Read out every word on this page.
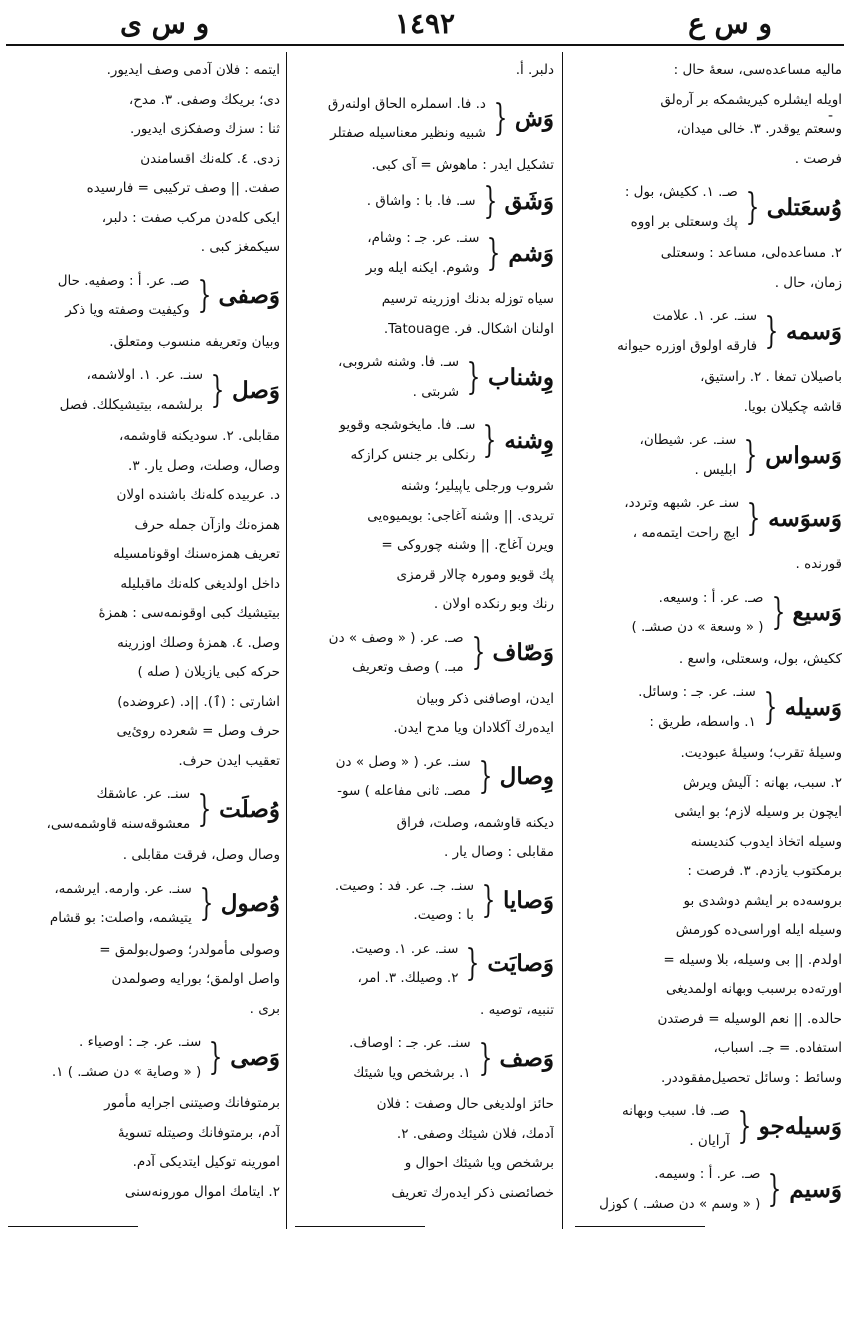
و س ع
١٤٩٢
و س ى
‑
مالیه مساعده‌سی، سعهٔ حال :
اویله ایشلره کیریشمکه بر آره‌لق
وسعتم یوقدر. ۳. خالی میدان،
فرصت .
وُسعَتلی
{
صـ. ۱. ککیش، بول :
پك وسعتلی بر اووه
۲. مساعده‌لی، مساعد : وسعتلی
زمان، حال .
وَسمه
{
سنـ. عر. ۱. علامت
فارقه اولوق اوزره حیوانه
باصیلان تمغا . ۲. راستیق،
قاشه چکیلان بویا.
وَسواس
{
سنـ. عر. شیطان،
ابلیس .
وَسوَسه
{
سنـ عر. شبهه وتردد،
ایچ راحت ایتمه‌مه ،
قورنده .
وَسیع
{
صـ. عر. أ : وسیعه.
( « وسعة » دن صشـ. )
ککیش، بول، وسعتلی، واسع .
وَسیله
{
سنـ. عر. جـ : وسائل.
۱. واسطه، طریق :
وسیلهٔ تقرب؛ وسیلهٔ عبودیت.
۲. سبب، بهانه : آلیش ویرش
ایچون بر وسیله لازم؛ بو ایشی
وسیله اتخاذ ایدوب کندیسنه
برمکتوب یازدم. ۳. فرصت :
بروسه‌ده بر ایشم دوشدی بو
وسیله ایله اوراسی‌ده کورمش
اولدم. || بی وسیله، بلا وسیله =
اورته‌ده برسبب وبهانه اولمدیغی
حالده. || نعم الوسیله = فرصتدن
استفاده. = جـ. اسباب،
وسائط : وسائل تحصیل‌مفقوددر.
وَسیله‌جو
{
صـ. فا. سبب وبهانه
آرایان .
وَسیم
{
صـ. عر. أ : وسیمه.
( « وسم » دن صشـ. ) کوزل
دلبر. أ.
وَش
{
د. فا. اسملره الحاق اولنه‌رق
شبیه ونظیر معناسیله صفتلر
تشکیل ایدر : ماهوش = آی کبی.
وَشَق
{
سـ. فا. با : واشاق .
وَشم
{
سنـ. عر. جـ : وشام،
وشوم. ایکنه ایله وبر
سیاه توزله بدنك اوزرینه ترسیم
اولنان اشکال. فر. Tatouage.
وِشناب
{
سـ. فا. وشنه شروبی،
شربتی .
وِشنه
{
سـ. فا. مایخوشجه وقویو
رنکلی بر جنس کرازکه
شروب ورجلی یاپیلیر؛ وشنه
تریدی. || وشنه آغاجی: بویمیوه‌یی
ویرن آغاج. || وشنه چوروکی =
پك قویو ومورہ چالار قرمزی
رنك وبو رنکده اولان .
وَصّاف
{
صـ. عر. ( « وصف » دن
مبـ. ) وصف وتعریف
ایدن، اوصافنی ذکر وبیان
ایده‌رك آکلادان ویا مدح ایدن.
وِصال
{
سنـ. عر. ( « وصل » دن
مصـ. ثانی مفاعله ) سو-
دیکنه قاوشمه، وصلت، فراق
مقابلی : وصال یار .
وَصایا
{
سنـ. جـ. عر. فد : وصیت.
با : وصیت.
وَصایَت
{
سنـ. عر. ۱. وصیت.
۲. وصیلك. ۳. امر،
تنبیه، توصیه .
وَصف
{
سنـ. عر. جـ : اوصاف.
۱. برشخص ویا شیئك
حائز اولدیغی حال وصفت : فلان
آدمك، فلان شیئك وصفی. ۲.
برشخص ویا شیئك احوال و
خصائصنی ذکر ایده‌رك تعریف
ایتمه : فلان آدمی وصف ایدیور.
دی؛ بریکك وصفی. ۳. مدح،
ثنا : سزك وصفکزی ایدیور.
زدی. ٤. کله‌نك اقسامندن
صفت. || وصف ترکیبی = فارسیده
ایکی کله‌دن مرکب صفت : دلبر،
سیکمغز کبی .
وَصفی
{
صـ. عر. أ : وصفیه. حال
وکیفیت وصفته ویا ذکر
وبیان وتعریفه منسوب ومتعلق.
وَصل
{
سنـ. عر. ۱. اولاشمه،
برلشمه، بیتیشیکلك. فصل
مقابلی. ۲. سودیکنه قاوشمه،
وصال، وصلت، وصل یار. ۳.
د. عربیده کله‌نك باشنده اولان
همزه‌نك وازآن جمله حرف
تعریف همزه‌سنك اوقونامسیله
داخل اولدیغی کله‌نك ماقبلیله
بیتیشیك کبی اوقونمه‌سی : همزهٔ
وصل. ٤. همزهٔ وصلك اوزرینه
حرکه کبی یازیلان ( صله )
اشارتی : (ٱ). ||د. (عروضده)
حرف وصل = شعرده رویٔ‌یی
تعقیب ایدن حرف.
وُصلَت
{
سنـ. عر. عاشقك
معشوقه‌سنه قاوشمه‌سی،
وصال وصل، فرقت مقابلی .
وُصول
{
سنـ. عر. وارمه. ایرشمه،
یتیشمه، واصلت: بو قشام
وصولی مأمولدر؛ وصول‌بولمق =
واصل اولمق؛ بورایه وصولمدن
بری .
وَصی
{
سنـ. عر. جـ : اوصیاء .
( « وصایة » دن صشـ. ) ۱.
برمتوفانك وصیتنی اجرایه مأمور
آدم، برمتوفانك وصیتله تسویهٔ
امورینه توکیل ایتدیکی آدم.
۲. ایتامك اموال مورونه‌سنی
